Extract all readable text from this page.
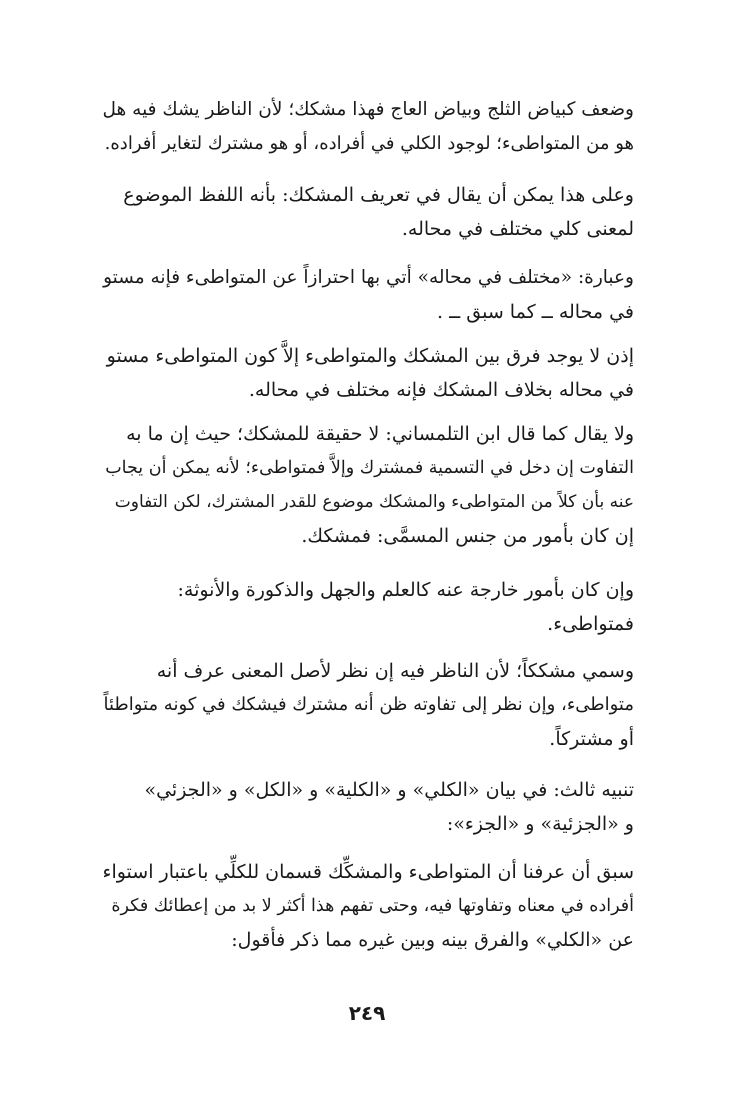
وضعف كبياض الثلج وبياض العاج فهذا مشكك؛ لأن الناظر يشك فيه هل
هو من المتواطىء؛ لوجود الكلي في أفراده، أو هو مشترك لتغاير أفراده.
وعلى هذا يمكن أن يقال في تعريف المشكك: بأنه اللفظ الموضوع
لمعنى كلي مختلف في محاله.
وعبارة: «مختلف في محاله» أتي بها احترازاً عن المتواطىء فإنه مستو
في محاله ــ كما سبق ــ .
إذن لا يوجد فرق بين المشكك والمتواطىء إلاَّ كون المتواطىء مستو
في محاله بخلاف المشكك فإنه مختلف في محاله.
ولا يقال كما قال ابن التلمساني: لا حقيقة للمشكك؛ حيث إن ما به
التفاوت إن دخل في التسمية فمشترك وإلاَّ فمتواطىء؛ لأنه يمكن أن يجاب
عنه بأن كلاً من المتواطىء والمشكك موضوع للقدر المشترك، لكن التفاوت
إن كان بأمور من جنس المسمَّى: فمشكك.
وإن كان بأمور خارجة عنه كالعلم والجهل والذكورة والأنوثة:
فمتواطىء.
وسمي مشككاً؛ لأن الناظر فيه إن نظر لأصل المعنى عرف أنه
متواطىء، وإن نظر إلى تفاوته ظن أنه مشترك فيشكك في كونه متواطئاً
أو مشتركاً.
تنبيه ثالث: في بيان «الكلي» و «الكلية» و «الكل» و «الجزئي»
و «الجزئية» و «الجزء»:
سبق أن عرفنا أن المتواطىء والمشكِّك قسمان للكلِّي باعتبار استواء
أفراده في معناه وتفاوتها فيه، وحتى تفهم هذا أكثر لا بد من إعطائك فكرة
عن «الكلي» والفرق بينه وبين غيره مما ذكر فأقول:
٢٤٩
